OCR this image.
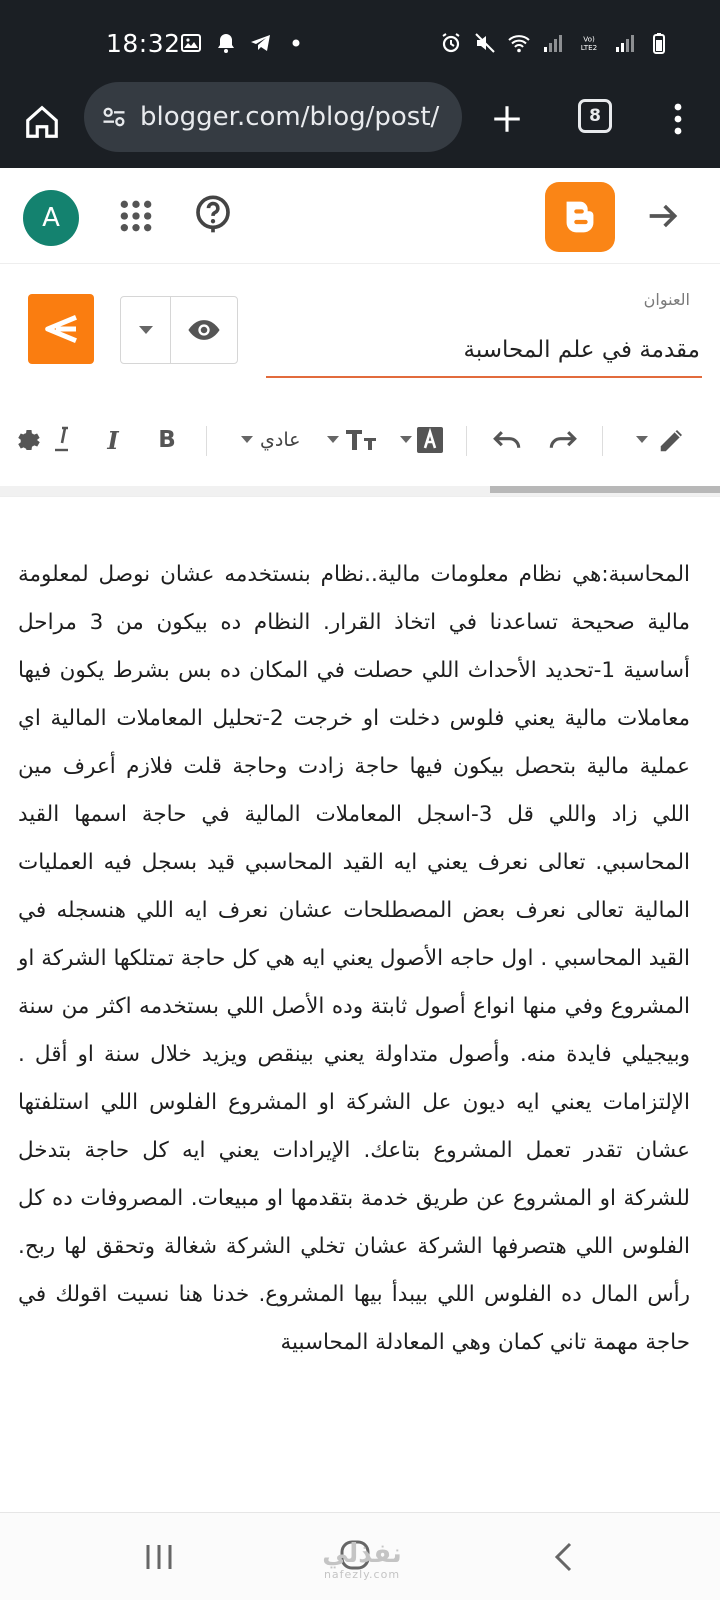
18:32	Vo)
LTE2
blogger.com/blog/post/	8
A
العنوان
مقدمة في علم المحاسبة
I B	عادي
المحاسبة:هي نظام معلومات مالية..نظام بنستخدمه عشان نوصل لمعلومة مالية صحيحة تساعدنا في اتخاذ القرار. النظام ده بيكون من 3 مراحل أساسية 1-تحديد الأحداث اللي حصلت في المكان ده بس بشرط يكون فيها معاملات مالية يعني فلوس دخلت او خرجت 2-تحليل المعاملات المالية اي عملية مالية بتحصل بيكون فيها حاجة زادت وحاجة قلت فلازم أعرف مين اللي زاد واللي قل 3-اسجل المعاملات المالية في حاجة اسمها القيد المحاسبي. تعالى نعرف يعني ايه القيد المحاسبي قيد بسجل فيه العمليات المالية تعالى نعرف بعض المصطلحات عشان نعرف ايه اللي هنسجله في القيد المحاسبي . اول حاجه الأصول يعني ايه هي كل حاجة تمتلكها الشركة او المشروع وفي منها انواع أصول ثابتة وده الأصل اللي بستخدمه اكثر من سنة وبيجيلي فايدة منه. وأصول متداولة يعني بينقص ويزيد خلال سنة او أقل . الإلتزامات يعني ايه ديون عل الشركة او المشروع الفلوس اللي استلفتها عشان تقدر تعمل المشروع بتاعك. الإيرادات يعني ايه كل حاجة بتدخل للشركة او المشروع عن طريق خدمة بتقدمها او مبيعات. المصروفات ده كل الفلوس اللي هتصرفها الشركة عشان تخلي الشركة شغالة وتحقق لها ربح. رأس المال ده الفلوس اللي بيبدأ بيها المشروع. خدنا هنا نسيت اقولك في حاجة مهمة تاني كمان وهي المعادلة المحاسبية
نفذلي
nafezly.com
